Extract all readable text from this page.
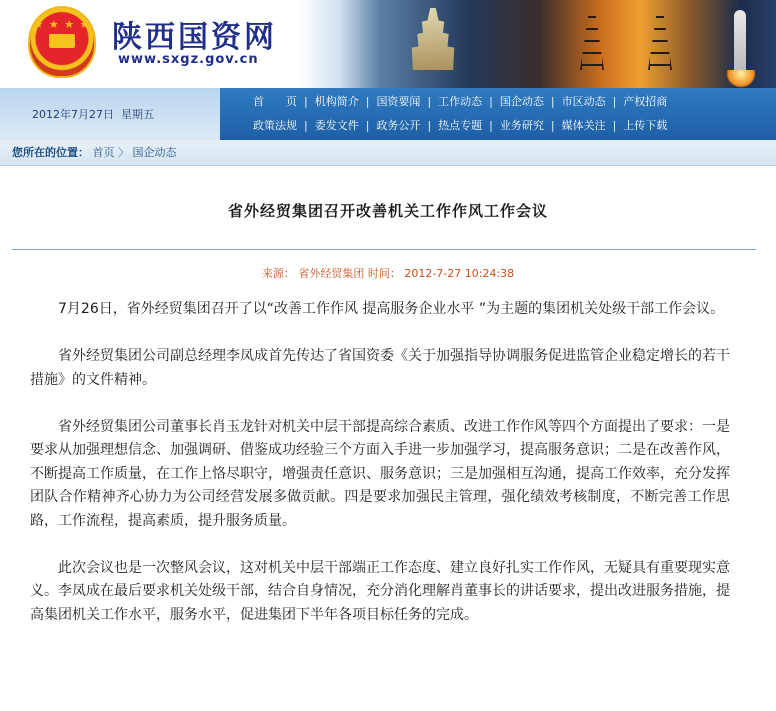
★ ★ ★ ★ 陕西国资网
www.sxgz.gov.cn
2012年7月27日 星期五
首　　页 | 机构简介 | 国资要闻 | 工作动态 | 国企动态 | 市区动态 | 产权招商
政策法规 | 委发文件 | 政务公开 | 热点专题 | 业务研究 | 媒体关注 | 上传下载
您所在的位置： 首页 〉 国企动态
省外经贸集团召开改善机关工作作风工作会议
来源： 省外经贸集团 时间： 2012-7-27 10:24:38

7月26日，省外经贸集团召开了以“改善工作作风 提高服务企业水平 ”为主题的集团机关处级干部工作会议。

省外经贸集团公司副总经理李凤成首先传达了省国资委《关于加强指导协调服务促进监管企业稳定增长的若干措施》的文件精神。

省外经贸集团公司董事长肖玉龙针对机关中层干部提高综合素质、改进工作作风等四个方面提出了要求：一是要求从加强理想信念、加强调研、借鉴成功经验三个方面入手进一步加强学习，提高服务意识；二是在改善作风，不断提高工作质量，在工作上恪尽职守，增强责任意识、服务意识；三是加强相互沟通，提高工作效率，充分发挥团队合作精神齐心协力为公司经营发展多做贡献。四是要求加强民主管理，强化绩效考核制度，不断完善工作思路，工作流程，提高素质，提升服务质量。

此次会议也是一次整风会议，这对机关中层干部端正工作态度、建立良好扎实工作作风，无疑具有重要现实意义。李凤成在最后要求机关处级干部，结合自身情况，充分消化理解肖董事长的讲话要求，提出改进服务措施，提高集团机关工作水平，服务水平，促进集团下半年各项目标任务的完成。
